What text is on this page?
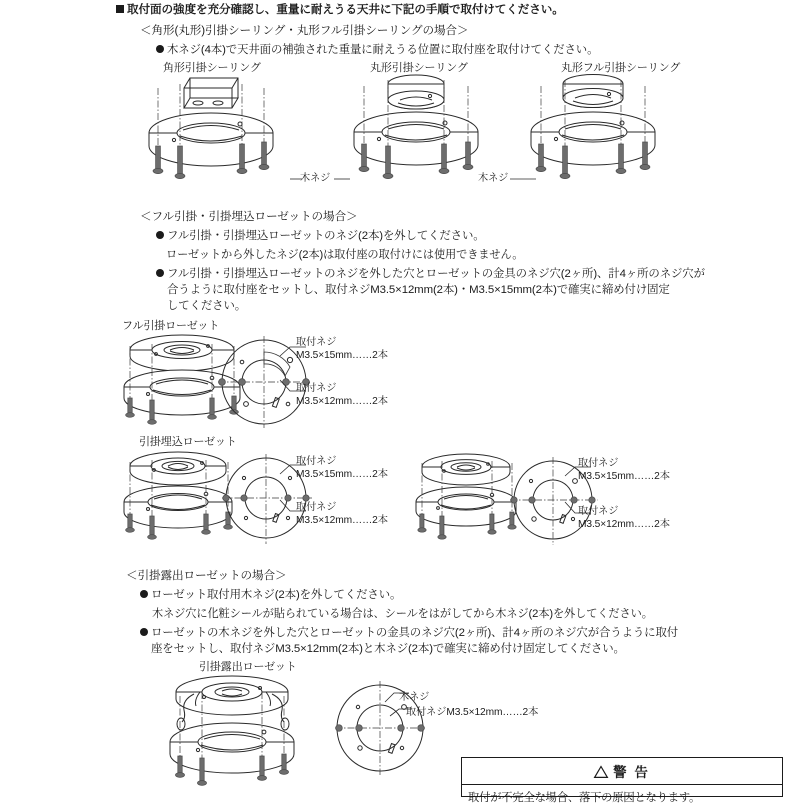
取付面の強度を充分確認し、重量に耐えうる天井に下記の手順で取付けてください。
＜角形(丸形)引掛シーリング・丸形フル引掛シーリングの場合＞
木ネジ(4本)で天井面の補強された重量に耐えうる位置に取付座を取付けてください。
角形引掛シーリング	丸形引掛シーリング	丸形フル引掛シーリング
木ネジ	木ネジ
＜フル引掛・引掛埋込ローゼットの場合＞
フル引掛・引掛埋込ローゼットのネジ(2本)を外してください。
ローゼットから外したネジ(2本)は取付座の取付けには使用できません。
フル引掛・引掛埋込ローゼットのネジを外した穴とローゼットの金具のネジ穴(2ヶ所)、計4ヶ所のネジ穴が
合うように取付座をセットし、取付ネジM3.5×12mm(2本)・M3.5×15mm(2本)で確実に締め付け固定
してください。
フル引掛ローゼット
取付ネジ
M3.5×15mm……2本
取付ネジ
M3.5×12mm……2本
引掛埋込ローゼット
取付ネジ
M3.5×15mm……2本
取付ネジ
M3.5×12mm……2本
取付ネジ
M3.5×15mm……2本
取付ネジ
M3.5×12mm……2本
＜引掛露出ローゼットの場合＞
ローゼット取付用木ネジ(2本)を外してください。
木ネジ穴に化粧シールが貼られている場合は、シールをはがしてから木ネジ(2本)を外してください。
ローゼットの木ネジを外した穴とローゼットの金具のネジ穴(2ヶ所)、計4ヶ所のネジ穴が合うように取付
座をセットし、取付ネジM3.5×12mm(2本)と木ネジ(2本)で確実に締め付け固定してください。
引掛露出ローゼット
木ネジ
取付ネジM3.5×12mm……2本
警 告
取付が不完全な場合、落下の原因となります。
